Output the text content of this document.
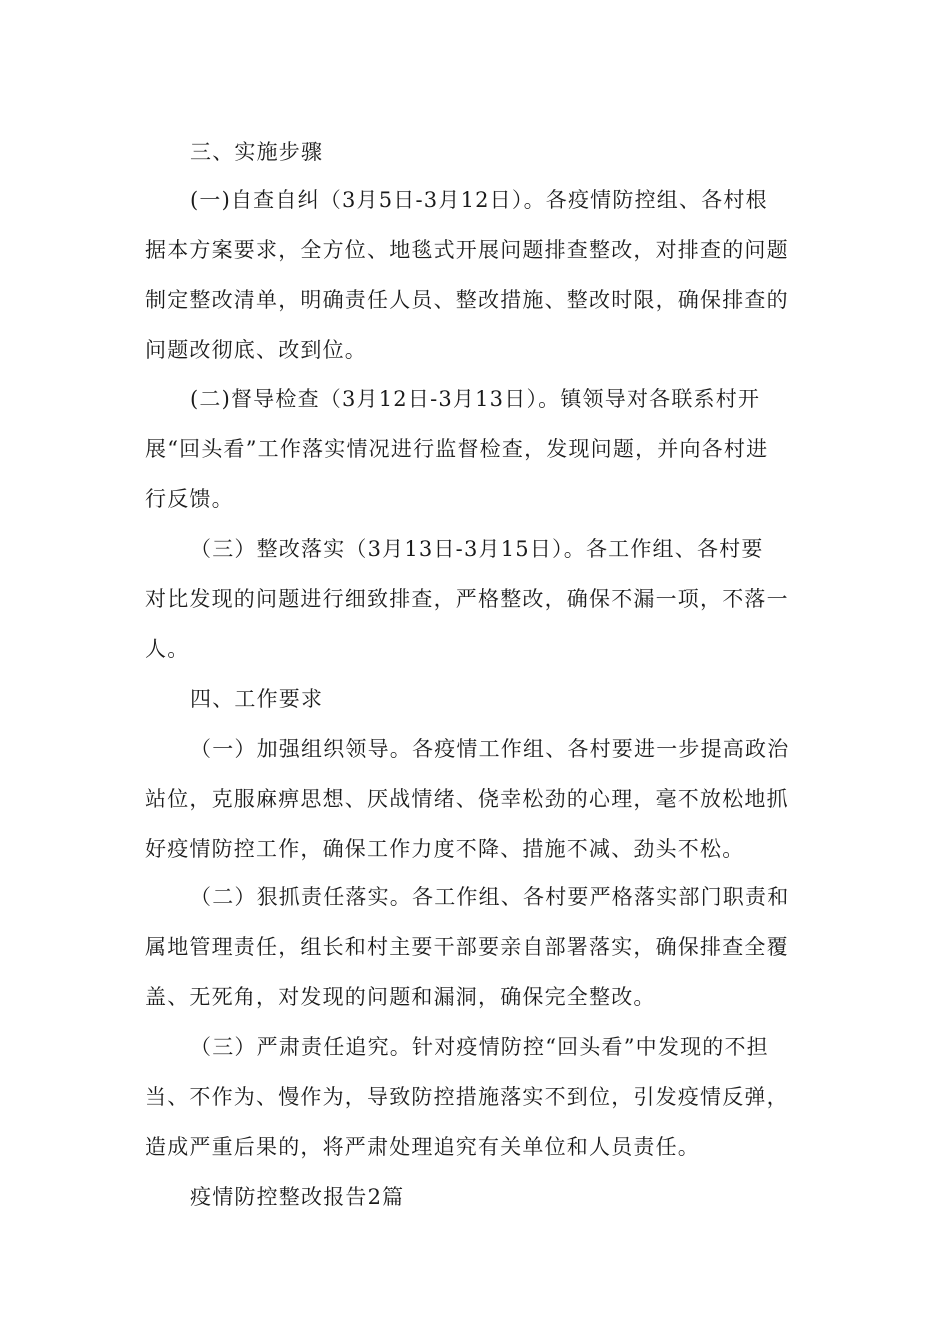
三、实施步骤
(一)自查自纠（3月5日-3月12日）。各疫情防控组、各村根
据本方案要求，全方位、地毯式开展问题排查整改，对排查的问题
制定整改清单，明确责任人员、整改措施、整改时限，确保排查的
问题改彻底、改到位。
(二)督导检查（3月12日-3月13日）。镇领导对各联系村开
展“回头看”工作落实情况进行监督检查，发现问题，并向各村进
行反馈。
（三）整改落实（3月13日-3月15日）。各工作组、各村要
对比发现的问题进行细致排查，严格整改，确保不漏一项，不落一
人。
四、工作要求
（一）加强组织领导。各疫情工作组、各村要进一步提高政治
站位，克服麻痹思想、厌战情绪、侥幸松劲的心理，毫不放松地抓
好疫情防控工作，确保工作力度不降、措施不减、劲头不松。
（二）狠抓责任落实。各工作组、各村要严格落实部门职责和
属地管理责任，组长和村主要干部要亲自部署落实，确保排查全覆
盖、无死角，对发现的问题和漏洞，确保完全整改。
（三）严肃责任追究。针对疫情防控“回头看”中发现的不担
当、不作为、慢作为，导致防控措施落实不到位，引发疫情反弹，
造成严重后果的，将严肃处理追究有关单位和人员责任。
疫情防控整改报告2篇
